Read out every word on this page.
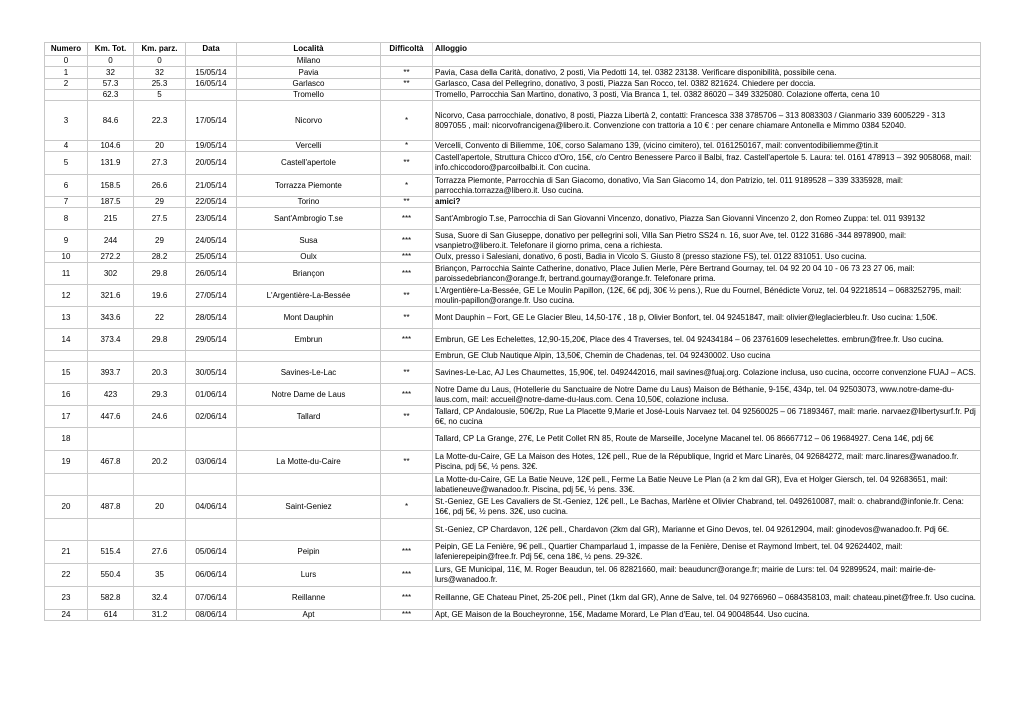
Numero	Km. Tot.	Km. parz.	Data	Località	Difficoltà	Alloggio
0	0	0		Milano		
1	32	32	15/05/14	Pavia	**	Pavia, Casa della Carità, donativo, 2 posti, Via Pedotti 14, tel. 0382 23138. Verificare disponibilità, possibile cena.
2	57.3	25.3	16/05/14	Garlasco	**	Garlasco, Casa del Pellegrino, donativo, 3 posti, Piazza San Rocco, tel. 0382 821624. Chiedere per doccia.
	62.3	5		Tromello		Tromello, Parrocchia San Martino, donativo, 3 posti, Via Branca 1, tel. 0382 86020 – 349 3325080. Colazione offerta, cena 10
3	84.6	22.3	17/05/14	Nicorvo	*	Nicorvo, Casa parrocchiale, donativo, 8 posti, Piazza Libertà 2, contatti: Francesca 338 3785706 – 313 8083303 / Gianmario 339 6005229 - 313 8097055 , mail: nicorvofrancigena@libero.it. Convenzione con trattoria a 10 € : per cenare chiamare Antonella e Mimmo 0384 52040.
4	104.6	20	19/05/14	Vercelli	*	Vercelli, Convento di Biliemme, 10€, corso Salamano 139, (vicino cimitero), tel. 0161250167, mail: conventodibiliemme@tin.it
5	131.9	27.3	20/05/14	Castell'apertole	**	Castell'apertole, Struttura Chicco d'Oro, 15€, c/o Centro Benessere Parco il Balbi, fraz. Castell'apertole 5. Laura: tel. 0161 478913 – 392 9058068, mail: info.chiccodoro@parcoilbalbi.it. Con cucina.
6	158.5	26.6	21/05/14	Torrazza Piemonte	*	Torrazza Piemonte, Parrocchia di San Giacomo, donativo, Via San Giacomo 14, don Patrizio, tel. 011 9189528 – 339 3335928, mail: parrocchia.torrazza@libero.it. Uso cucina.
7	187.5	29	22/05/14	Torino	**	amici?
8	215	27.5	23/05/14	Sant'Ambrogio T.se	***	Sant'Ambrogio T.se, Parrocchia di San Giovanni Vincenzo, donativo, Piazza San Giovanni Vincenzo 2, don Romeo Zuppa: tel. 011 939132
9	244	29	24/05/14	Susa	***	Susa, Suore di San Giuseppe, donativo per pellegrini soli, Villa San Pietro SS24 n. 16, suor Ave, tel. 0122 31686 -344 8978900, mail: vsanpietro@libero.it. Telefonare il giorno prima, cena a richiesta.
10	272.2	28.2	25/05/14	Oulx	***	Oulx, presso i Salesiani, donativo, 6 posti, Badia in Vicolo S. Giusto 8 (presso stazione FS), tel. 0122 831051. Uso cucina.
11	302	29.8	26/05/14	Briançon	***	Briançon, Parrocchia Sainte Catherine, donativo, Place Julien Merle, Père Bertrand Gournay, tel. 04 92 20 04 10 - 06 73 23 27 06, mail: paroissedebriancon@orange.fr, bertrand.gournay@orange.fr. Telefonare prima.
12	321.6	19.6	27/05/14	L'Argentière-La-Bessée	**	L'Argentière-La-Bessée, GE Le Moulin Papillon, (12€, 6€ pdj, 30€ ½ pens.), Rue du Fournel, Bénédicte Voruz, tel. 04 92218514 – 0683252795, mail: moulin-papillon@orange.fr. Uso cucina.
13	343.6	22	28/05/14	Mont Dauphin	**	Mont Dauphin – Fort, GE Le Glacier Bleu, 14,50-17€ , 18 p, Olivier Bonfort, tel. 04 92451847, mail: olivier@leglacierbleu.fr. Uso cucina: 1,50€.
14	373.4	29.8	29/05/14	Embrun	***	Embrun, GE Les Echelettes, 12,90-15,20€, Place des 4 Traverses, tel. 04 92434184 – 06 23761609 lesechelettes. embrun@free.fr. Uso cucina.
						Embrun, GE Club Nautique Alpin, 13,50€, Chemin de Chadenas, tel. 04 92430002. Uso cucina
15	393.7	20.3	30/05/14	Savines-Le-Lac	**	Savines-Le-Lac, AJ Les Chaumettes, 15,90€, tel. 0492442016, mail savines@fuaj.org. Colazione inclusa, uso cucina, occorre convenzione FUAJ – ACS.
16	423	29.3	01/06/14	Notre Dame de Laus	***	Notre Dame du Laus, (Hotellerie du Sanctuaire de Notre Dame du Laus) Maison de Béthanie, 9-15€, 434p, tel. 04 92503073, www.notre-dame-du-laus.com, mail: accueil@notre-dame-du-laus.com. Cena 10,50€, colazione inclusa.
17	447.6	24.6	02/06/14	Tallard	**	Tallard, CP Andalousie, 50€/2p, Rue La Placette 9,Marie et José-Louis Narvaez tel. 04 92560025 – 06 71893467, mail: marie. narvaez@libertysurf.fr. Pdj 6€, no cucina
18						Tallard, CP La Grange, 27€, Le Petit Collet RN 85, Route de Marseille, Jocelyne Macanel tel. 06 86667712 – 06 19684927. Cena 14€, pdj 6€
19	467.8	20.2	03/06/14	La Motte-du-Caire	**	La Motte-du-Caire, GE La Maison des Hotes, 12€ pell., Rue de la République, Ingrid et Marc Linarès, 04 92684272, mail: marc.linares@wanadoo.fr. Piscina, pdj 5€, ½ pens. 32€.
						La Motte-du-Caire, GE La Batie Neuve, 12€ pell., Ferme La Batie Neuve Le Plan (a 2 km dal GR), Eva et Holger Giersch, tel. 04 92683651, mail: labatieneuve@wanadoo.fr. Piscina, pdj 5€, ½ pens. 33€.
20	487.8	20	04/06/14	Saint-Geniez	*	St.-Geniez, GE Les Cavaliers de St.-Geniez, 12€ pell., Le Bachas, Marlène et Olivier Chabrand, tel. 0492610087, mail: o. chabrand@infonie.fr. Cena: 16€, pdj 5€, ½ pens. 32€, uso cucina.
						St.-Geniez, CP Chardavon, 12€ pell., Chardavon (2km dal GR), Marianne et Gino Devos, tel. 04 92612904, mail: ginodevos@wanadoo.fr. Pdj 6€.
21	515.4	27.6	05/06/14	Peipin	***	Peipin, GE La Fenière, 9€ pell., Quartier Champarlaud 1, impasse de la Fenière, Denise et Raymond Imbert, tel. 04 92624402, mail: lafenierepeipin@free.fr. Pdj 5€, cena 18€, ½ pens. 29-32€.
22	550.4	35	06/06/14	Lurs	***	Lurs, GE Municipal, 11€, M. Roger Beaudun, tel. 06 82821660, mail: beauduncr@orange.fr; mairie de Lurs: tel. 04 92899524, mail: mairie-de-lurs@wanadoo.fr.
23	582.8	32.4	07/06/14	Reillanne	***	Reillanne, GE Chateau Pinet, 25-20€ pell., Pinet (1km dal GR), Anne de Salve, tel. 04 92766960 – 0684358103, mail: chateau.pinet@free.fr. Uso cucina.
24	614	31.2	08/06/14	Apt	***	Apt, GE Maison de la Boucheyronne, 15€, Madame Morard, Le Plan d'Eau, tel. 04 90048544. Uso cucina.
